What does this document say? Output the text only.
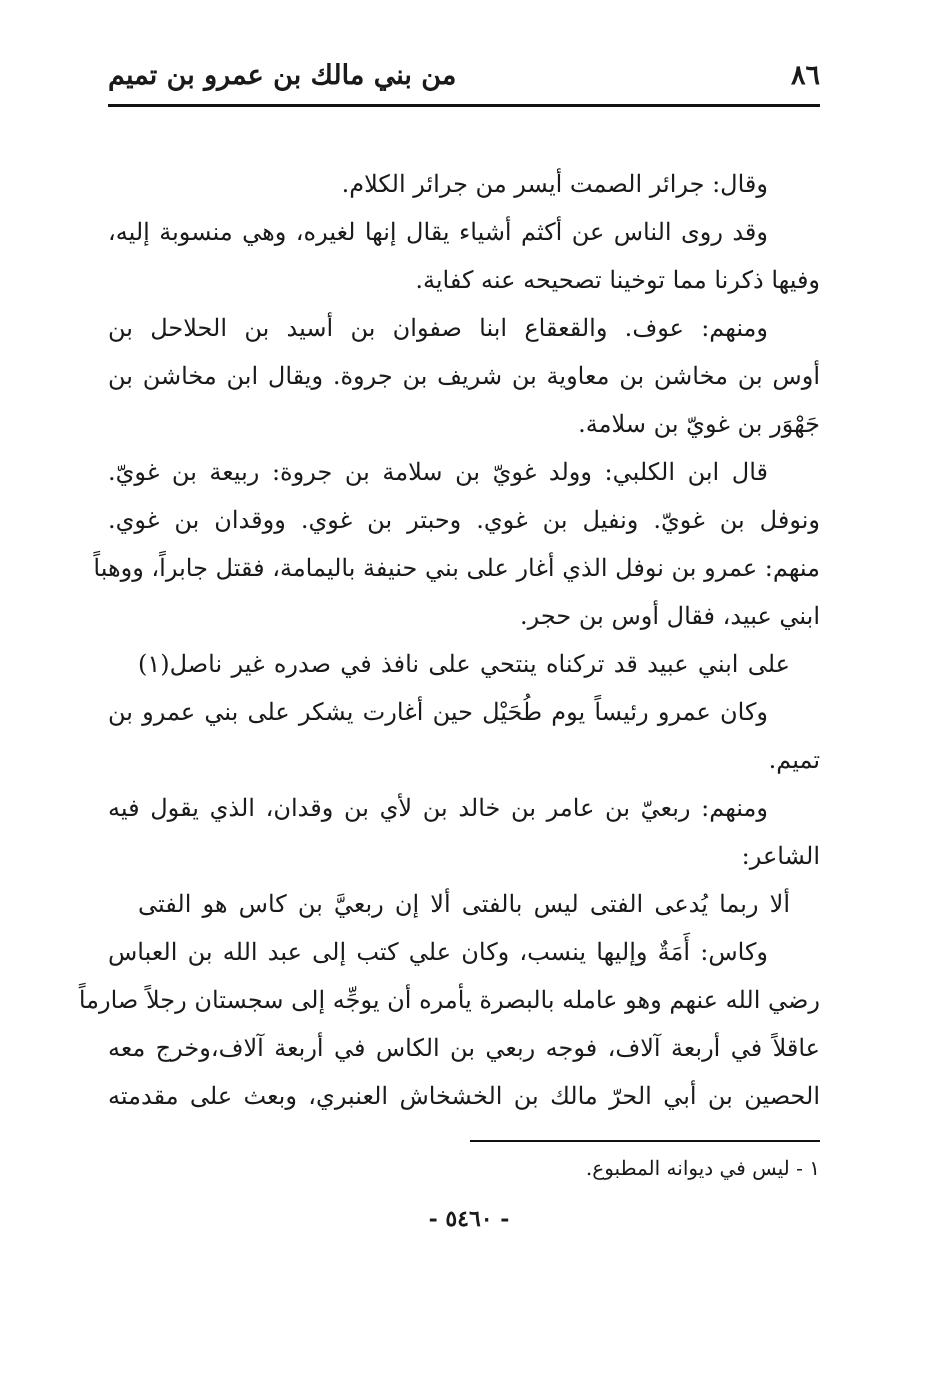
٨٦
من بني مالك بن عمرو بن تميم
وقال: جرائر الصمت أيسر من جرائر الكلام.
وقد روى الناس عن أكثم أشياء يقال إنها لغيره، وهي منسوبة إليه،
وفيها ذكرنا مما توخينا تصحيحه عنه كفاية.
ومنهم: عوف. والقعقاع ابنا صفوان بن أسيد بن الحلاحل بن
أوس بن مخاشن بن معاوية بن شريف بن جروة. ويقال ابن مخاشن بن
جَهْوَر بن غويّ بن سلامة.
قال ابن الكلبي: وولد غويّ بن سلامة بن جروة: ربيعة بن غويّ.
ونوفل بن غويّ. ونفيل بن غوي. وحبتر بن غوي. ووقدان بن غوي.
منهم: عمرو بن نوفل الذي أغار على بني حنيفة باليمامة، فقتل جابراً، ووهباً
ابني عبيد، فقال أوس بن حجر.
على ابني عبيد قد تركناه ينتحي على نافذ في صدره غير ناصل(١)
وكان عمرو رئيساً يوم طُحَيْل حين أغارت يشكر على بني عمرو بن
تميم.
ومنهم: ربعيّ بن عامر بن خالد بن لأي بن وقدان، الذي يقول فيه
الشاعر:
ألا ربما يُدعى الفتى ليس بالفتى ألا إن ربعيَّ بن كاس هو الفتى
وكاس: أَمَةٌ وإليها ينسب، وكان علي كتب إلى عبد الله بن العباس
رضي الله عنهم وهو عامله بالبصرة يأمره أن يوجِّه إلى سجستان رجلاً صارماً
عاقلاً في أربعة آلاف، فوجه ربعي بن الكاس في أربعة آلاف،وخرج معه
الحصين بن أبي الحرّ مالك بن الخشخاش العنبري، وبعث على مقدمته
١ - ليس في ديوانه المطبوع.
- ٥٤٦٠ -
